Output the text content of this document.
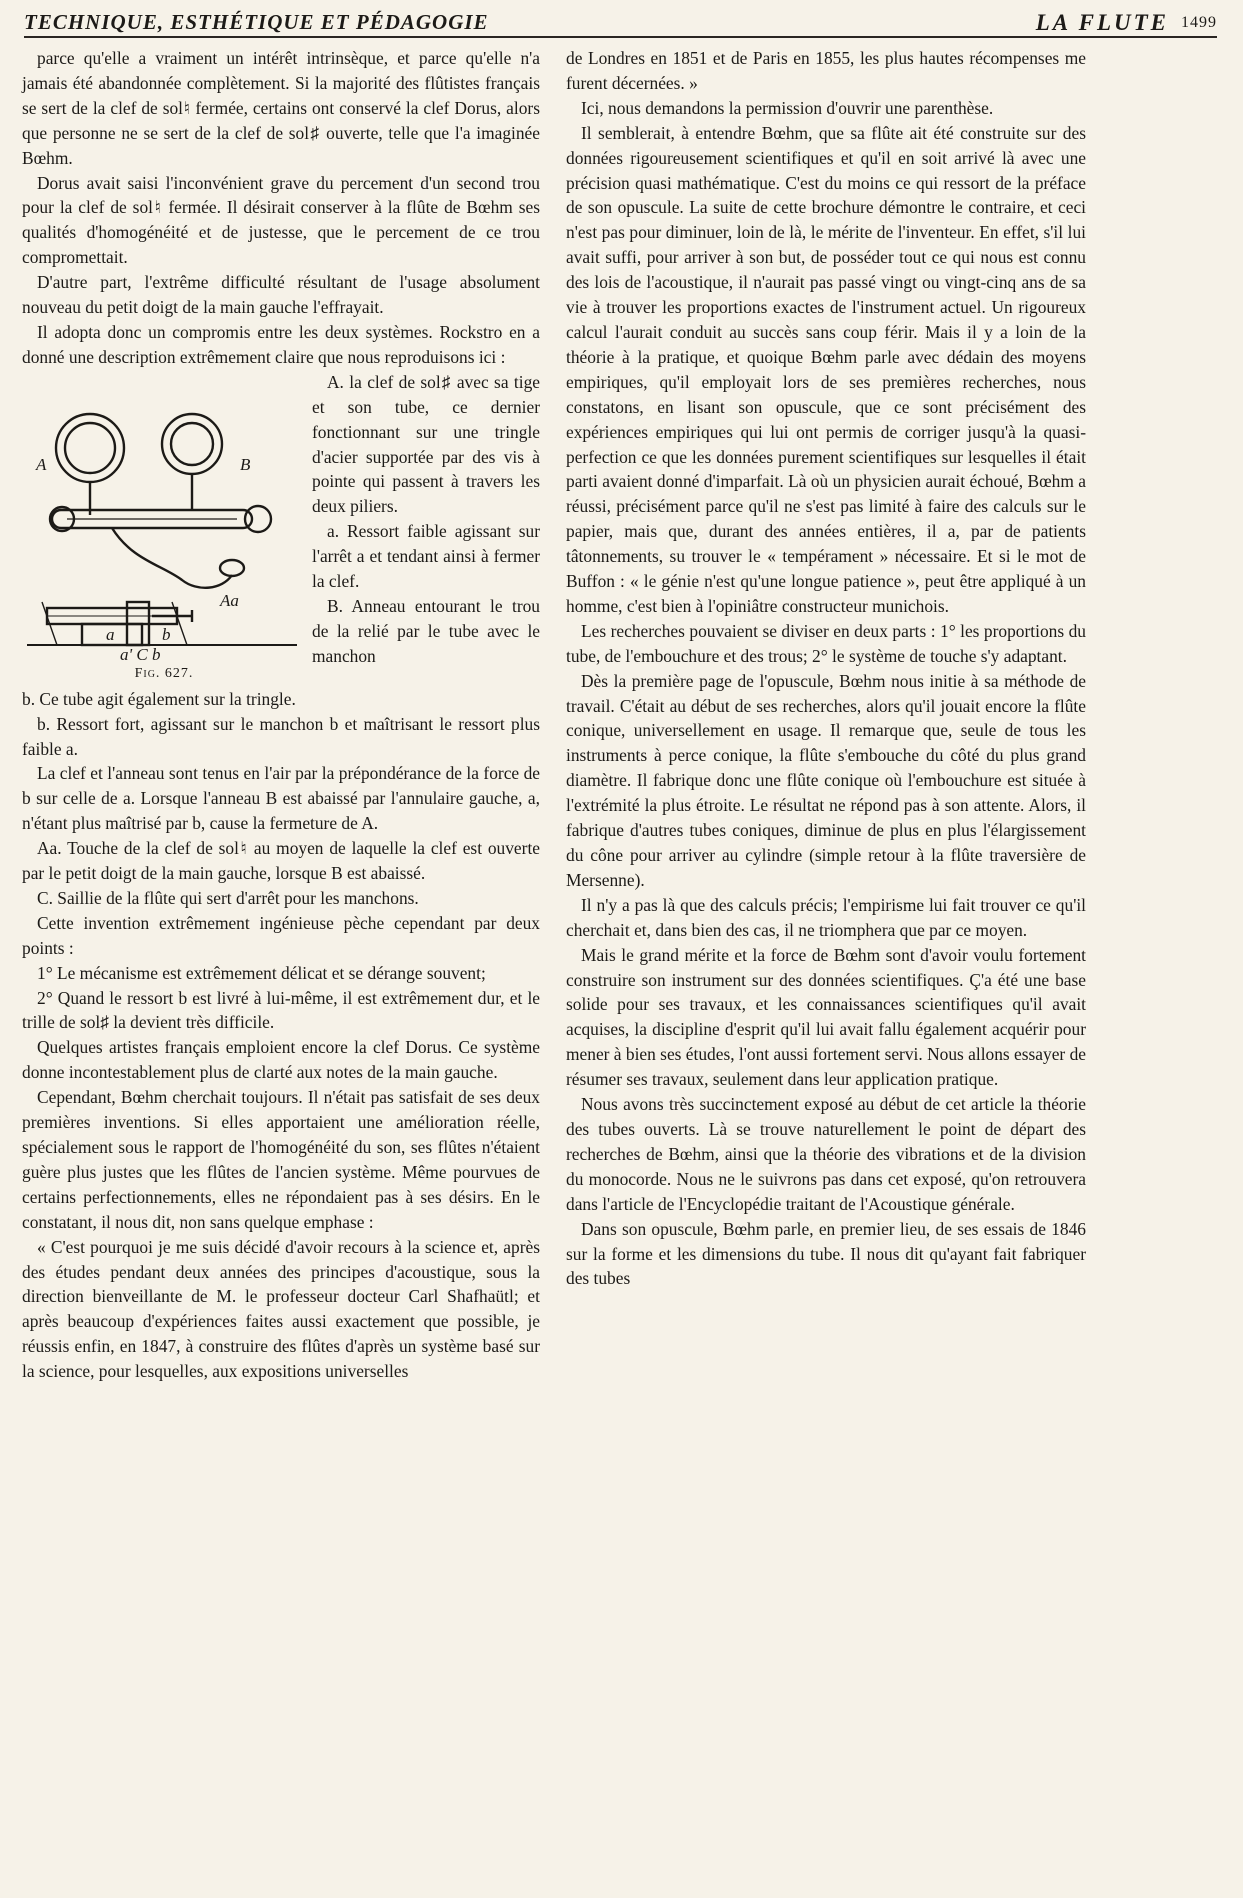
TECHNIQUE, ESTHÉTIQUE ET PÉDAGOGIE	LA FLUTE 1499

parce qu'elle a vraiment un intérêt intrinsèque, et parce qu'elle n'a jamais été abandonnée complètement. Si la majorité des flûtistes français se sert de la clef de sol♮ fermée, certains ont conservé la clef Dorus, alors que personne ne se sert de la clef de sol♯ ouverte, telle que l'a imaginée Bœhm.

Dorus avait saisi l'inconvénient grave du percement d'un second trou pour la clef de sol♮ fermée. Il désirait conserver à la flûte de Bœhm ses qualités d'homogénéité et de justesse, que le percement de ce trou compromettait.

D'autre part, l'extrême difficulté résultant de l'usage absolument nouveau du petit doigt de la main gauche l'effrayait.

Il adopta donc un compromis entre les deux systèmes. Rockstro en a donné une description extrêmement claire que nous reproduisons ici :

A	B
Aa
a	b
a' C b
Fig. 627.

A. la clef de sol♯ avec sa tige et son tube, ce dernier fonctionnant sur une tringle d'acier supportée par des vis à pointe qui passent à travers les deux piliers.

a. Ressort faible agissant sur l'arrêt a et tendant ainsi à fermer la clef.

B. Anneau entourant le trou de la relié par le tube avec le manchon

b. Ce tube agit également sur la tringle.

b. Ressort fort, agissant sur le manchon b et maîtrisant le ressort plus faible a.

La clef et l'anneau sont tenus en l'air par la prépondérance de la force de b sur celle de a. Lorsque l'anneau B est abaissé par l'annulaire gauche, a, n'étant plus maîtrisé par b, cause la fermeture de A.

Aa. Touche de la clef de sol♮ au moyen de laquelle la clef est ouverte par le petit doigt de la main gauche, lorsque B est abaissé.

C. Saillie de la flûte qui sert d'arrêt pour les manchons.

Cette invention extrêmement ingénieuse pèche cependant par deux points :

1° Le mécanisme est extrêmement délicat et se dérange souvent;

2° Quand le ressort b est livré à lui-même, il est extrêmement dur, et le trille de sol♯ la devient très difficile.

Quelques artistes français emploient encore la clef Dorus. Ce système donne incontestablement plus de clarté aux notes de la main gauche.

Cependant, Bœhm cherchait toujours. Il n'était pas satisfait de ses deux premières inventions. Si elles apportaient une amélioration réelle, spécialement sous le rapport de l'homogénéité du son, ses flûtes n'étaient guère plus justes que les flûtes de l'ancien système. Même pourvues de certains perfectionnements, elles ne répondaient pas à ses désirs. En le constatant, il nous dit, non sans quelque emphase :

« C'est pourquoi je me suis décidé d'avoir recours à la science et, après des études pendant deux années des principes d'acoustique, sous la direction bienveillante de M. le professeur docteur Carl Shafhaütl; et après beaucoup d'expériences faites aussi exactement que possible, je réussis enfin, en 1847, à construire des flûtes d'après un système basé sur la science, pour lesquelles, aux expositions universelles

de Londres en 1851 et de Paris en 1855, les plus hautes récompenses me furent décernées. »

Ici, nous demandons la permission d'ouvrir une parenthèse.

Il semblerait, à entendre Bœhm, que sa flûte ait été construite sur des données rigoureusement scientifiques et qu'il en soit arrivé là avec une précision quasi mathématique. C'est du moins ce qui ressort de la préface de son opuscule. La suite de cette brochure démontre le contraire, et ceci n'est pas pour diminuer, loin de là, le mérite de l'inventeur. En effet, s'il lui avait suffi, pour arriver à son but, de posséder tout ce qui nous est connu des lois de l'acoustique, il n'aurait pas passé vingt ou vingt-cinq ans de sa vie à trouver les proportions exactes de l'instrument actuel. Un rigoureux calcul l'aurait conduit au succès sans coup férir. Mais il y a loin de la théorie à la pratique, et quoique Bœhm parle avec dédain des moyens empiriques, qu'il employait lors de ses premières recherches, nous constatons, en lisant son opuscule, que ce sont précisément des expériences empiriques qui lui ont permis de corriger jusqu'à la quasi-perfection ce que les données purement scientifiques sur lesquelles il était parti avaient donné d'imparfait. Là où un physicien aurait échoué, Bœhm a réussi, précisément parce qu'il ne s'est pas limité à faire des calculs sur le papier, mais que, durant des années entières, il a, par de patients tâtonnements, su trouver le « tempérament » nécessaire. Et si le mot de Buffon : « le génie n'est qu'une longue patience », peut être appliqué à un homme, c'est bien à l'opiniâtre constructeur munichois.

Les recherches pouvaient se diviser en deux parts : 1° les proportions du tube, de l'embouchure et des trous; 2° le système de touche s'y adaptant.

Dès la première page de l'opuscule, Bœhm nous initie à sa méthode de travail. C'était au début de ses recherches, alors qu'il jouait encore la flûte conique, universellement en usage. Il remarque que, seule de tous les instruments à perce conique, la flûte s'embouche du côté du plus grand diamètre. Il fabrique donc une flûte conique où l'embouchure est située à l'extrémité la plus étroite. Le résultat ne répond pas à son attente. Alors, il fabrique d'autres tubes coniques, diminue de plus en plus l'élargissement du cône pour arriver au cylindre (simple retour à la flûte traversière de Mersenne).

Il n'y a pas là que des calculs précis; l'empirisme lui fait trouver ce qu'il cherchait et, dans bien des cas, il ne triomphera que par ce moyen.

Mais le grand mérite et la force de Bœhm sont d'avoir voulu fortement construire son instrument sur des données scientifiques. Ç'a été une base solide pour ses travaux, et les connaissances scientifiques qu'il avait acquises, la discipline d'esprit qu'il lui avait fallu également acquérir pour mener à bien ses études, l'ont aussi fortement servi. Nous allons essayer de résumer ses travaux, seulement dans leur application pratique.

Nous avons très succinctement exposé au début de cet article la théorie des tubes ouverts. Là se trouve naturellement le point de départ des recherches de Bœhm, ainsi que la théorie des vibrations et de la division du monocorde. Nous ne le suivrons pas dans cet exposé, qu'on retrouvera dans l'article de l'Encyclopédie traitant de l'Acoustique générale.

Dans son opuscule, Bœhm parle, en premier lieu, de ses essais de 1846 sur la forme et les dimensions du tube. Il nous dit qu'ayant fait fabriquer des tubes
